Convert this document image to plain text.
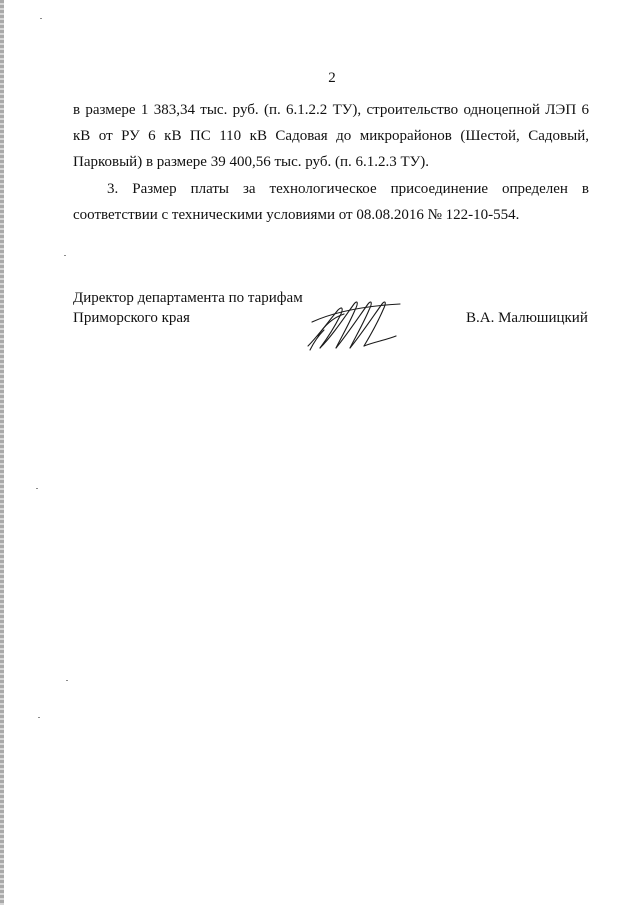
2
в размере 1 383,34 тыс. руб. (п. 6.1.2.2 ТУ), строительство одноцепной ЛЭП 6
кВ от РУ 6 кВ ПС 110 кВ Садовая до микрорайонов (Шестой, Садовый,
Парковый) в размере 39 400,56 тыс. руб. (п. 6.1.2.3 ТУ).
3. Размер платы за технологическое присоединение определен в
соответствии с техническими условиями от 08.08.2016 № 122-10-554.
Директор департамента по тарифам
Приморского края	В.А. Малюшицкий
